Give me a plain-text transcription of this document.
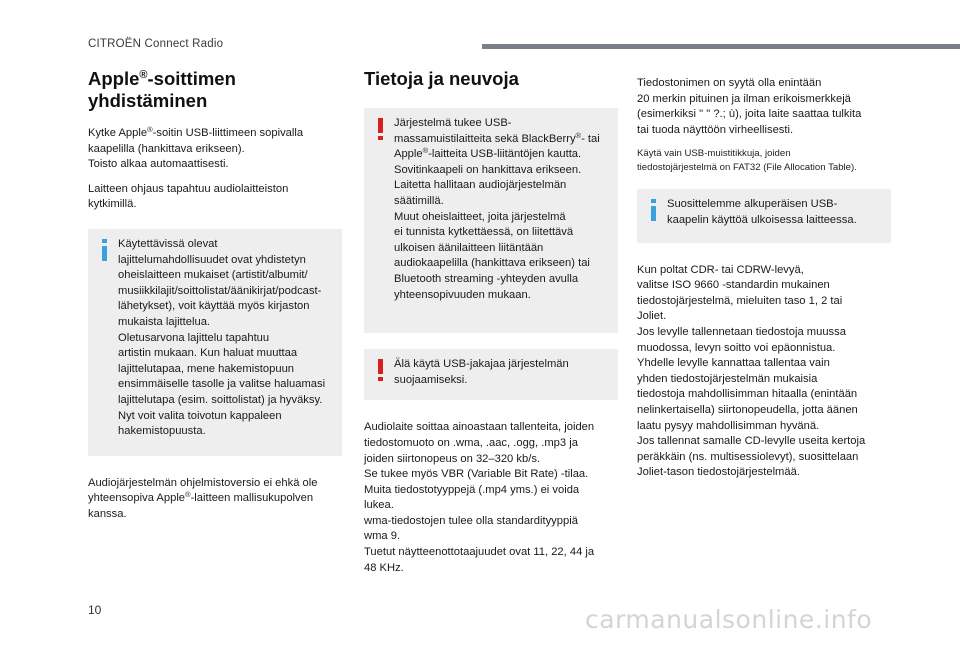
CITROËN Connect Radio
Apple®-soittimen yhdistäminen

Kytke Apple®-soitin USB-liittimeen sopivalla
kaapelilla (hankittava erikseen).
Toisto alkaa automaattisesti.

Laitteen ohjaus tapahtuu audiolaitteiston
kytkimillä.

Käytettävissä olevat
lajittelumahdollisuudet ovat yhdistetyn
oheislaitteen mukaiset (artistit/albumit/
musiikkilajit/soittolistat/äänikirjat/podcast-
lähetykset), voit käyttää myös kirjaston
mukaista lajittelua.
Oletusarvona lajittelu tapahtuu
artistin mukaan. Kun haluat muuttaa
lajittelutapaa, mene hakemistopuun
ensimmäiselle tasolle ja valitse haluamasi
lajittelutapa (esim. soittolistat) ja hyväksy.
Nyt voit valita toivotun kappaleen
hakemistopuusta.

Audiojärjestelmän ohjelmistoversio ei ehkä ole
yhteensopiva Apple®-laitteen mallisukupolven
kanssa.

Tietoja ja neuvoja

Järjestelmä tukee USB-
massamuistilaitteita sekä BlackBerry®- tai
Apple®-laitteita USB-liitäntöjen kautta.
Sovitinkaapeli on hankittava erikseen.
Laitetta hallitaan audiojärjestelmän
säätimillä.
Muut oheislaitteet, joita järjestelmä
ei tunnista kytkettäessä, on liitettävä
ulkoisen äänilaitteen liitäntään
audiokaapelilla (hankittava erikseen) tai
Bluetooth streaming -yhteyden avulla
yhteensopivuuden mukaan.

Älä käytä USB-jakajaa järjestelmän
suojaamiseksi.

Audiolaite soittaa ainoastaan tallenteita, joiden
tiedostomuoto on .wma, .aac, .ogg, .mp3 ja
joiden siirtonopeus on 32–320 kb/s.
Se tukee myös VBR (Variable Bit Rate) -tilaa.
Muita tiedostotyyppejä (.mp4 yms.) ei voida
lukea.
wma-tiedostojen tulee olla standardityyppiä
wma 9.
Tuetut näytteenottotaajuudet ovat 11, 22, 44 ja
48 KHz.

Tiedostonimen on syytä olla enintään
20 merkin pituinen ja ilman erikoismerkkejä
(esimerkiksi " " ?.; ù), joita laite saattaa tulkita
tai tuoda näyttöön virheellisesti.

Käytä vain USB-muistitikkuja, joiden
tiedostojärjestelmä on FAT32 (File Allocation Table).

Suosittelemme alkuperäisen USB-
kaapelin käyttöä ulkoisessa laitteessa.

Kun poltat CDR- tai CDRW-levyä,
valitse ISO 9660 -standardin mukainen
tiedostojärjestelmä, mieluiten taso 1, 2 tai
Joliet.
Jos levylle tallennetaan tiedostoja muussa
muodossa, levyn soitto voi epäonnistua.
Yhdelle levylle kannattaa tallentaa vain
yhden tiedostojärjestelmän mukaisia
tiedostoja mahdollisimman hitaalla (enintään
nelinkertaisella) siirtonopeudella, jotta äänen
laatu pysyy mahdollisimman hyvänä.
Jos tallennat samalle CD-levylle useita kertoja
peräkkäin (ns. multisessiolevyt), suosittelaan
Joliet-tason tiedostojärjestelmää.

10	carmanualsonline.info
